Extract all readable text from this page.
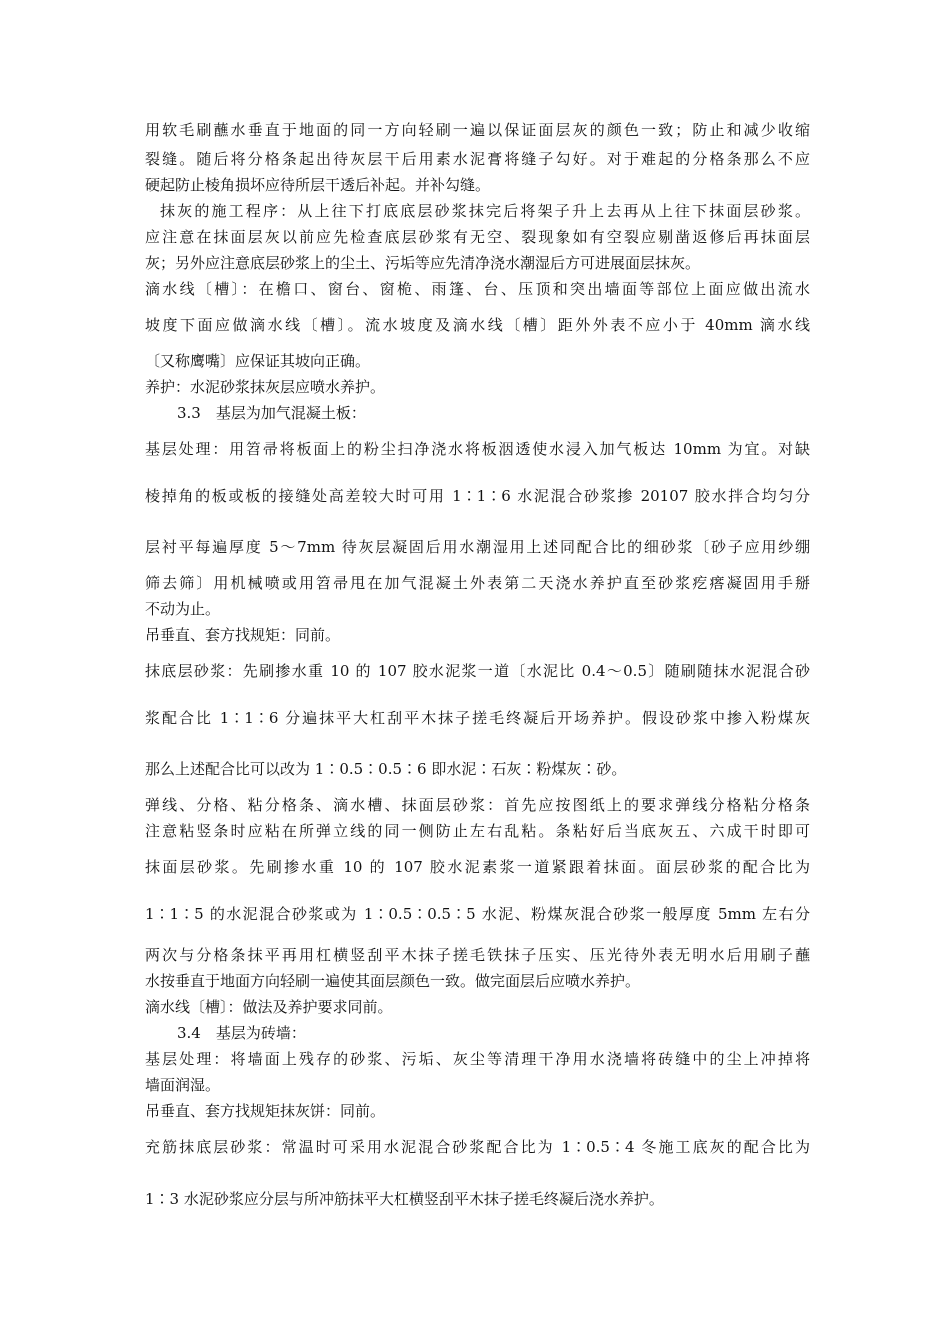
用软毛刷蘸水垂直于地面的同一方向轻刷一遍以保证面层灰的颜色一致；防止和减少收缩
裂缝。随后将分格条起出待灰层干后用素水泥膏将缝子勾好。对于难起的分格条那么不应
硬起防止棱角损坏应待所层干透后补起。并补勾缝。
抹灰的施工程序：从上往下打底底层砂浆抹完后将架子升上去再从上往下抹面层砂浆。
应注意在抹面层灰以前应先检查底层砂浆有无空、裂现象如有空裂应剔凿返修后再抹面层
灰；另外应注意底层砂浆上的尘土、污垢等应先清净浇水潮湿后方可进展面层抹灰。
滴水线〔槽〕：在檐口、窗台、窗桅、雨篷、台、压顶和突出墙面等部位上面应做出流水
坡度下面应做滴水线〔槽〕。流水坡度及滴水线〔槽〕距外外表不应小于 40mm 滴水线
〔又称鹰嘴〕应保证其坡向正确。
养护：水泥砂浆抹灰层应喷水养护。
3.3　基层为加气混凝土板：
基层处理：用笤帚将板面上的粉尘扫净浇水将板洇透使水浸入加气板达 10mm 为宜。对缺
棱掉角的板或板的接缝处高差较大时可用 1∶1∶6 水泥混合砂浆掺 20107 胶水拌合均匀分
层衬平每遍厚度 5～7mm 待灰层凝固后用水潮湿用上述同配合比的细砂浆〔砂子应用纱绷
筛去筛〕用机械喷或用笤帚甩在加气混凝土外表第二天浇水养护直至砂浆疙瘩凝固用手掰
不动为止。
吊垂直、套方找规矩：同前。
抹底层砂浆：先刷掺水重 10 的 107 胶水泥浆一道〔水泥比 0.4～0.5〕随刷随抹水泥混合砂
浆配合比 1∶1∶6 分遍抹平大杠刮平木抹子搓毛终凝后开场养护。假设砂浆中掺入粉煤灰
那么上述配合比可以改为 1∶0.5∶0.5∶6 即水泥∶石灰∶粉煤灰∶砂。
弹线、分格、粘分格条、滴水槽、抹面层砂浆：首先应按图纸上的要求弹线分格粘分格条
注意粘竖条时应粘在所弹立线的同一侧防止左右乱粘。条粘好后当底灰五、六成干时即可
抹面层砂浆。先刷掺水重 10 的 107 胶水泥素浆一道紧跟着抹面。面层砂浆的配合比为
1∶1∶5 的水泥混合砂浆或为 1∶0.5∶0.5∶5 水泥、粉煤灰混合砂浆一般厚度 5mm 左右分
两次与分格条抹平再用杠横竖刮平木抹子搓毛铁抹子压实、压光待外表无明水后用刷子蘸
水按垂直于地面方向轻刷一遍使其面层颜色一致。做完面层后应喷水养护。
滴水线〔槽〕：做法及养护要求同前。
3.4　基层为砖墙：
基层处理：将墙面上残存的砂浆、污垢、灰尘等清理干净用水浇墙将砖缝中的尘上冲掉将
墙面润湿。
吊垂直、套方找规矩抹灰饼：同前。
充筋抹底层砂浆：常温时可采用水泥混合砂浆配合比为 1∶0.5∶4 冬施工底灰的配合比为
1∶3 水泥砂浆应分层与所冲筋抹平大杠横竖刮平木抹子搓毛终凝后浇水养护。
